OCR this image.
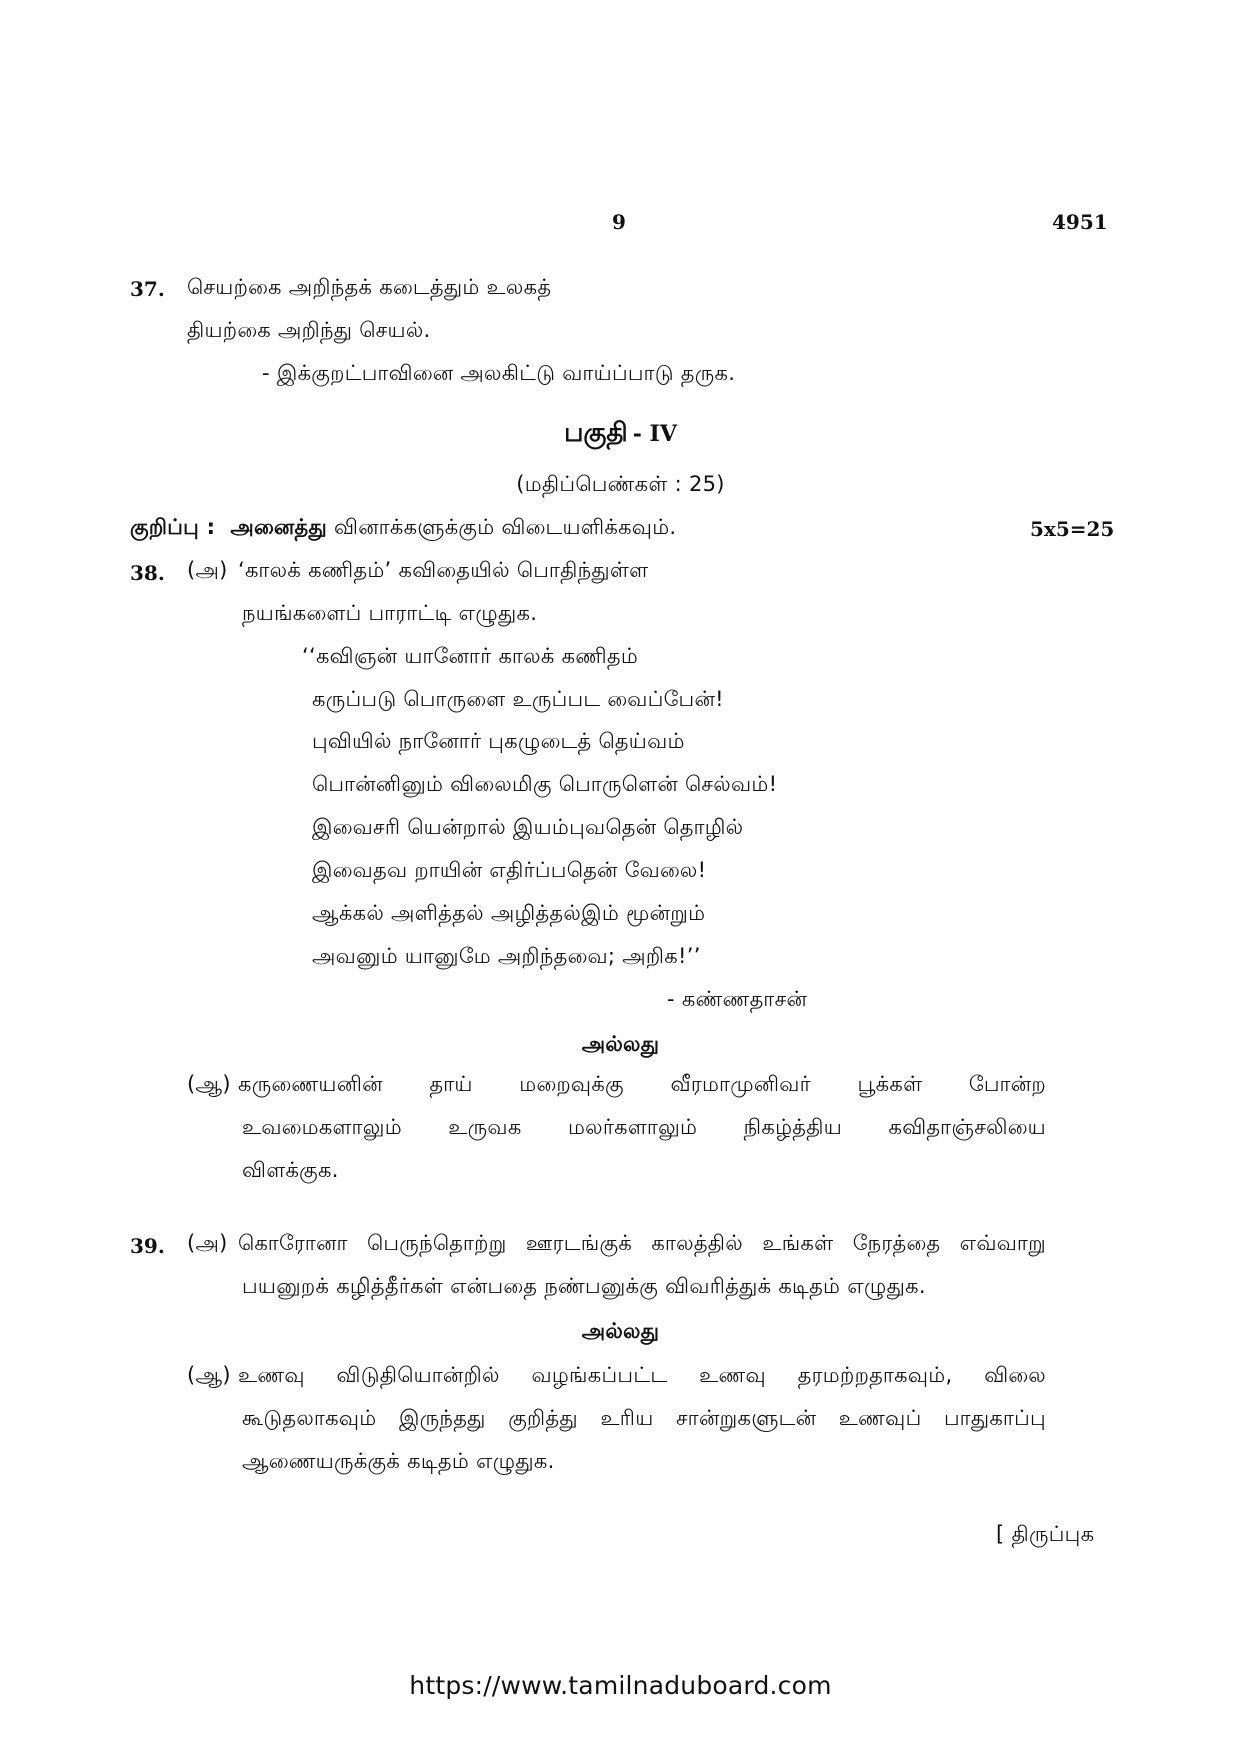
9	4951
37. செயற்கை அறிந்தக் கடைத்தும் உலகத்
தியற்கை அறிந்து செயல்.
- இக்குறட்பாவினை அலகிட்டு வாய்ப்பாடு தருக.
பகுதி - IV
(மதிப்பெண்கள் : 25)
குறிப்பு : அனைத்து வினாக்களுக்கும் விடையளிக்கவும்.	5x5=25
38. (அ) ‘காலக் கணிதம்’ கவிதையில் பொதிந்துள்ள
நயங்களைப் பாராட்டி எழுதுக.
‘‘கவிஞன் யானோர் காலக் கணிதம்
கருப்படு பொருளை உருப்பட வைப்பேன்!
புவியில் நானோர் புகழுடைத் தெய்வம்
பொன்னினும் விலைமிகு பொருளென் செல்வம்!
இவைசரி யென்றால் இயம்புவதென் தொழில்
இவைதவ றாயின் எதிர்ப்பதென் வேலை!
ஆக்கல் அளித்தல் அழித்தல்இம் மூன்றும்
அவனும் யானுமே அறிந்தவை; அறிக!’’
- கண்ணதாசன்
அல்லது
(ஆ) கருணையனின் தாய் மறைவுக்கு வீரமாமுனிவர் பூக்கள் போன்ற
உவமைகளாலும் உருவக மலர்களாலும் நிகழ்த்திய கவிதாஞ்சலியை
விளக்குக.
39. (அ) கொரோனா பெருந்தொற்று ஊரடங்குக் காலத்தில் உங்கள் நேரத்தை எவ்வாறு
பயனுறக் கழித்தீர்கள் என்பதை நண்பனுக்கு விவரித்துக் கடிதம் எழுதுக.
அல்லது
(ஆ) உணவு விடுதியொன்றில் வழங்கப்பட்ட உணவு தரமற்றதாகவும், விலை
கூடுதலாகவும் இருந்தது குறித்து உரிய சான்றுகளுடன் உணவுப் பாதுகாப்பு
ஆணையருக்குக் கடிதம் எழுதுக.
[ திருப்புக
https://www.tamilnaduboard.com
